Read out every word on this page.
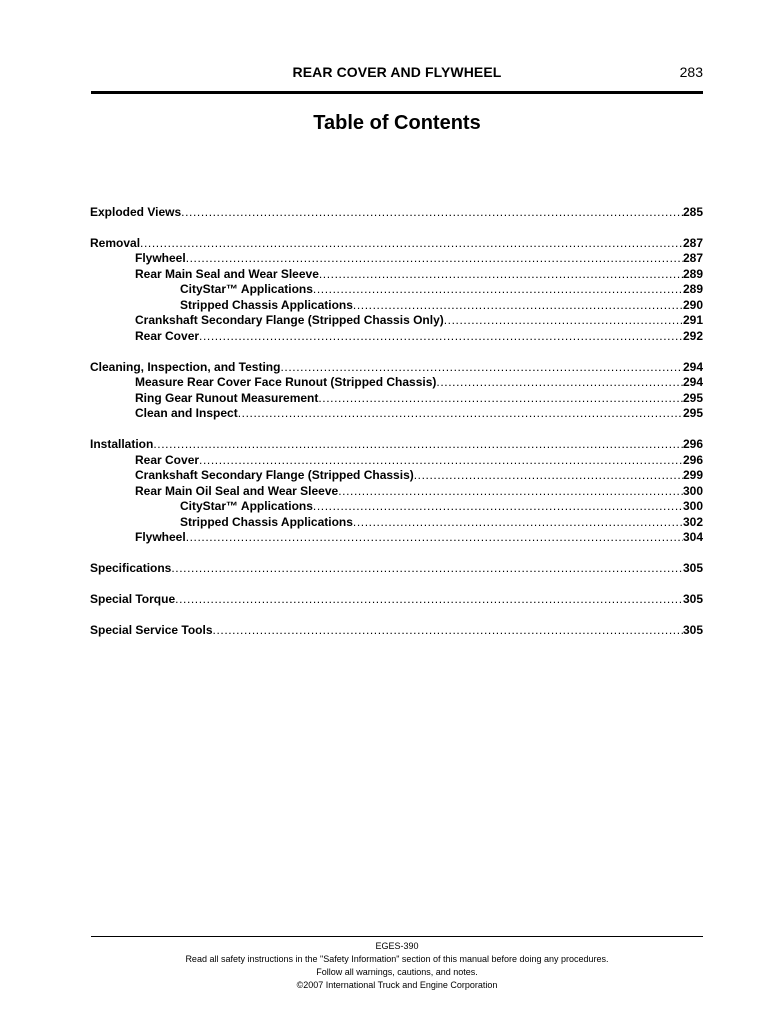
REAR COVER AND FLYWHEEL	283
Table of Contents
Exploded Views .....	285
Removal .....	287
Flywheel .....	287
Rear Main Seal and Wear Sleeve .....	289
CityStar™ Applications .....	289
Stripped Chassis Applications .....	290
Crankshaft Secondary Flange (Stripped Chassis Only) .....	291
Rear Cover .....	292
Cleaning, Inspection, and Testing .....	294
Measure Rear Cover Face Runout (Stripped Chassis) .....	294
Ring Gear Runout Measurement .....	295
Clean and Inspect .....	295
Installation .....	296
Rear Cover .....	296
Crankshaft Secondary Flange (Stripped Chassis) .....	299
Rear Main Oil Seal and Wear Sleeve .....	300
CityStar™ Applications .....	300
Stripped Chassis Applications .....	302
Flywheel .....	304
Specifications .....	305
Special Torque .....	305
Special Service Tools .....	305
EGES-390
Read all safety instructions in the "Safety Information" section of this manual before doing any procedures.
Follow all warnings, cautions, and notes.
©2007 International Truck and Engine Corporation
